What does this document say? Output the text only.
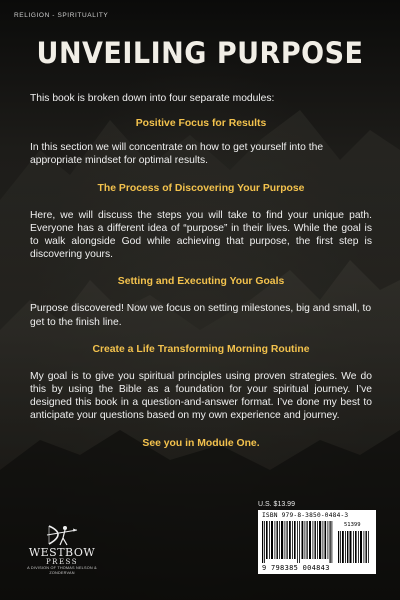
RELIGION - SPIRITUALITY
UNVEILING PURPOSE

This book is broken down into four separate modules:

Positive Focus for Results

In this section we will concentrate on how to get yourself into the appropriate mindset for optimal results.

The Process of Discovering Your Purpose

Here, we will discuss the steps you will take to find your unique path. Everyone has a different idea of “purpose” in their lives. While the goal is to walk alongside God while achieving that purpose, the first step is discovering yours.

Setting and Executing Your Goals

Purpose discovered! Now we focus on setting milestones, big and small, to get to the finish line.

Create a Life Transforming Morning Routine

My goal is to give you spiritual principles using proven strategies. We do this by using the Bible as a foundation for your spiritual journey. I’ve designed this book in a question-and-answer format. I’ve done my best to anticipate your questions based on my own experience and journey.

See you in Module One.

WESTBOW
PRESS
A DIVISION OF THOMAS NELSON & ZONDERVAN
U.S. $13.99
ISBN 979-8-3850-0484-3
51399
9 798385 004843
